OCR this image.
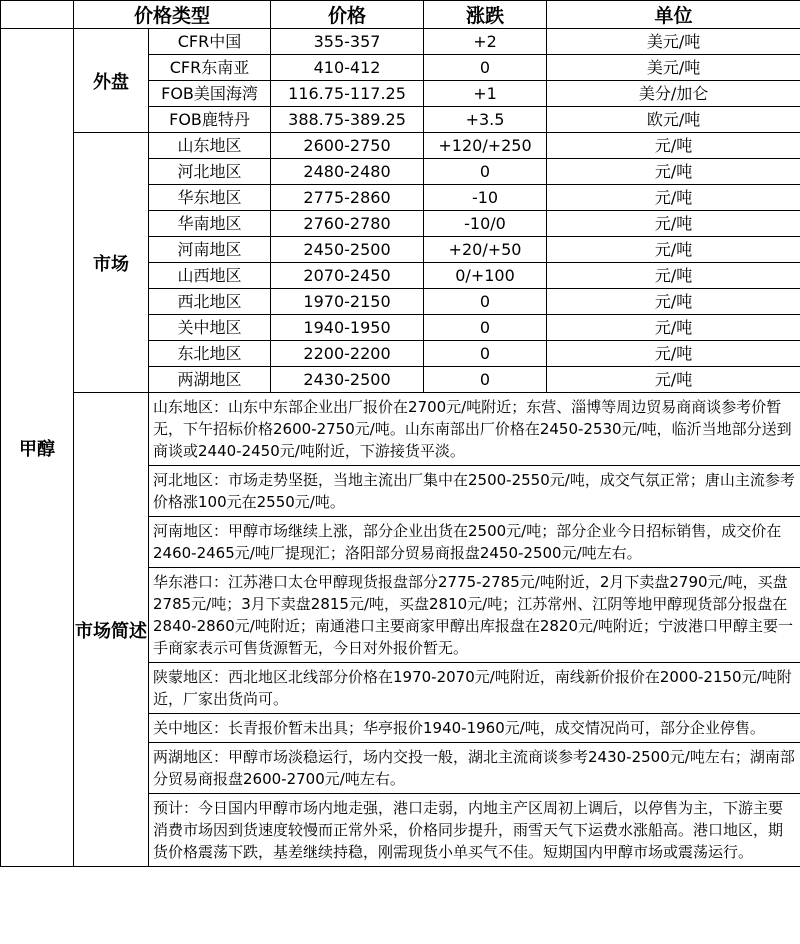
	价格类型		价格	涨跌	单位
甲醇	外盘	CFR中国	355-357	+2	美元/吨
		CFR东南亚	410-412	0	美元/吨
		FOB美国海湾	116.75-117.25	+1	美分/加仑
		FOB鹿特丹	388.75-389.25	+3.5	欧元/吨
	市场	山东地区	2600-2750	+120/+250	元/吨
		河北地区	2480-2480	0	元/吨
		华东地区	2775-2860	-10	元/吨
		华南地区	2760-2780	-10/0	元/吨
		河南地区	2450-2500	+20/+50	元/吨
		山西地区	2070-2450	0/+100	元/吨
		西北地区	1970-2150	0	元/吨
		关中地区	1940-1950	0	元/吨
		东北地区	2200-2200	0	元/吨
		两湖地区	2430-2500	0	元/吨
	市场简述	山东地区：山东中东部企业出厂报价在2700元/吨附近；东营、淄博等周边贸易商商谈参考价暂无，下午招标价格2600-2750元/吨。山东南部出厂价格在2450-2530元/吨，临沂当地部分送到商谈或2440-2450元/吨附近，下游接货平淡。			
		河北地区：市场走势坚挺，当地主流出厂集中在2500-2550元/吨，成交气氛正常；唐山主流参考价格涨100元在2550元/吨。			
		河南地区：甲醇市场继续上涨，部分企业出货在2500元/吨；部分企业今日招标销售，成交价在2460-2465元/吨厂提现汇；洛阳部分贸易商报盘2450-2500元/吨左右。			
		华东港口：江苏港口太仓甲醇现货报盘部分2775-2785元/吨附近，2月下卖盘2790元/吨，买盘2785元/吨；3月下卖盘2815元/吨，买盘2810元/吨；江苏常州、江阴等地甲醇现货部分报盘在2840-2860元/吨附近；南通港口主要商家甲醇出库报盘在2820元/吨附近；宁波港口甲醇主要一手商家表示可售货源暂无，今日对外报价暂无。			
		陕蒙地区：西北地区北线部分价格在1970-2070元/吨附近，南线新价报价在2000-2150元/吨附近，厂家出货尚可。			
		关中地区：长青报价暂未出具；华亭报价1940-1960元/吨，成交情况尚可，部分企业停售。			
		两湖地区：甲醇市场淡稳运行，场内交投一般，湖北主流商谈参考2430-2500元/吨左右；湖南部分贸易商报盘2600-2700元/吨左右。			
		预计：今日国内甲醇市场内地走强，港口走弱，内地主产区周初上调后，以停售为主，下游主要消费市场因到货速度较慢而正常外采，价格同步提升，雨雪天气下运费水涨船高。港口地区，期货价格震荡下跌，基差继续持稳，刚需现货小单买气不佳。短期国内甲醇市场或震荡运行。			
